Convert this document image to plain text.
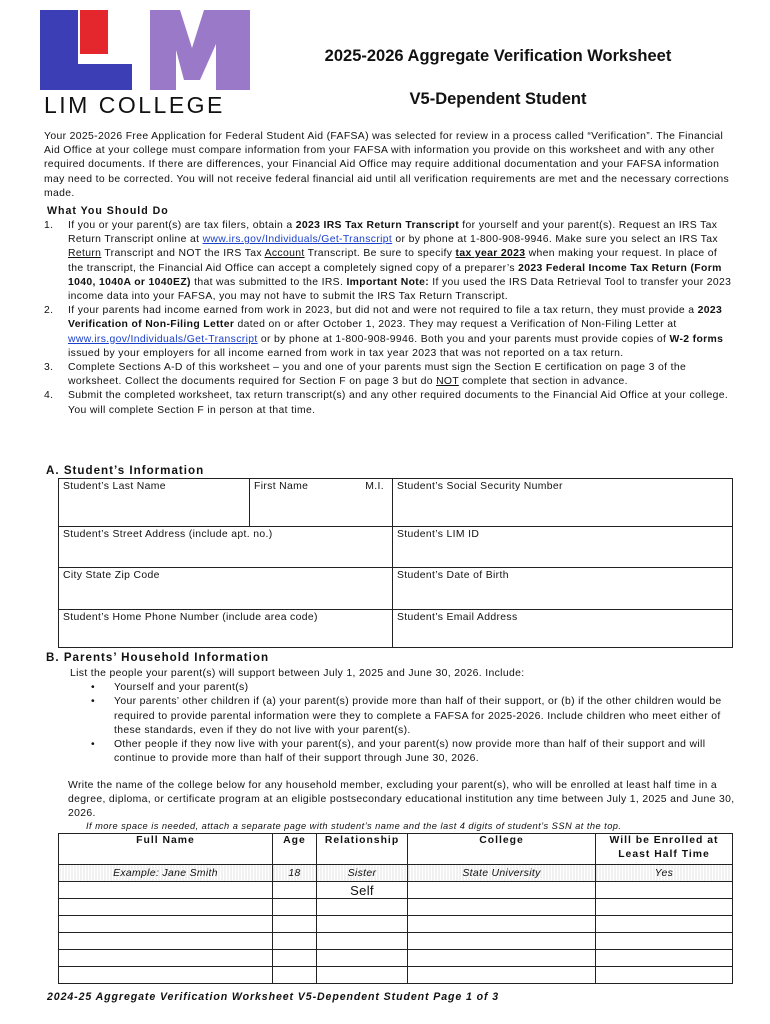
LIM COLLEGE
2025-2026 Aggregate Verification Worksheet
V5-Dependent Student
Your 2025-2026 Free Application for Federal Student Aid (FAFSA) was selected for review in a process called “Verification”. The Financial Aid Office at your college must compare information from your FAFSA with information you provide on this worksheet and with any other required documents. If there are differences, your Financial Aid Office may require additional documentation and your FAFSA information may need to be corrected. You will not receive federal financial aid until all verification requirements are met and the necessary corrections made.
What You Should Do
1. If you or your parent(s) are tax filers, obtain a 2023 IRS Tax Return Transcript for yourself and your parent(s). Request an IRS Tax Return Transcript online at www.irs.gov/Individuals/Get-Transcript or by phone at 1-800-908-9946. Make sure you select an IRS Tax Return Transcript and NOT the IRS Tax Account Transcript. Be sure to specify tax year 2023 when making your request. In place of the transcript, the Financial Aid Office can accept a completely signed copy of a preparer’s 2023 Federal Income Tax Return (Form 1040, 1040A or 1040EZ) that was submitted to the IRS. Important Note: If you used the IRS Data Retrieval Tool to transfer your 2023 income data into your FAFSA, you may not have to submit the IRS Tax Return Transcript.
2. If your parents had income earned from work in 2023, but did not and were not required to file a tax return, they must provide a 2023 Verification of Non-Filing Letter dated on or after October 1, 2023. They may request a Verification of Non-Filing Letter at www.irs.gov/Individuals/Get-Transcript or by phone at 1-800-908-9946. Both you and your parents must provide copies of W-2 forms issued by your employers for all income earned from work in tax year 2023 that was not reported on a tax return.
3. Complete Sections A-D of this worksheet – you and one of your parents must sign the Section E certification on page 3 of the worksheet. Collect the documents required for Section F on page 3 but do NOT complete that section in advance.
4. Submit the completed worksheet, tax return transcript(s) and any other required documents to the Financial Aid Office at your college. You will complete Section F in person at that time.
A. Student’s Information
Student’s Last Name	First Name M.I.	Student’s Social Security Number
Student’s Street Address (include apt. no.)		Student’s LIM ID
City State Zip Code		Student’s Date of Birth
Student’s Home Phone Number (include area code)		Student’s Email Address
B. Parents’ Household Information
List the people your parent(s) will support between July 1, 2025 and June 30, 2026. Include:
• Yourself and your parent(s)
• Your parents’ other children if (a) your parent(s) provide more than half of their support, or (b) if the other children would be required to provide parental information were they to complete a FAFSA for 2025-2026. Include children who meet either of these standards, even if they do not live with your parent(s).
• Other people if they now live with your parent(s), and your parent(s) now provide more than half of their support and will continue to provide more than half of their support through June 30, 2026.
Write the name of the college below for any household member, excluding your parent(s), who will be enrolled at least half time in a degree, diploma, or certificate program at an eligible postsecondary educational institution any time between July 1, 2025 and June 30, 2026.
If more space is needed, attach a separate page with student’s name and the last 4 digits of student’s SSN at the top.
Full Name	Age	Relationship	College	Will be Enrolled at Least Half Time
Example: Jane Smith	18	Sister	State University	Yes
		Self		

2024-25 Aggregate Verification Worksheet V5-Dependent Student Page 1 of 3
